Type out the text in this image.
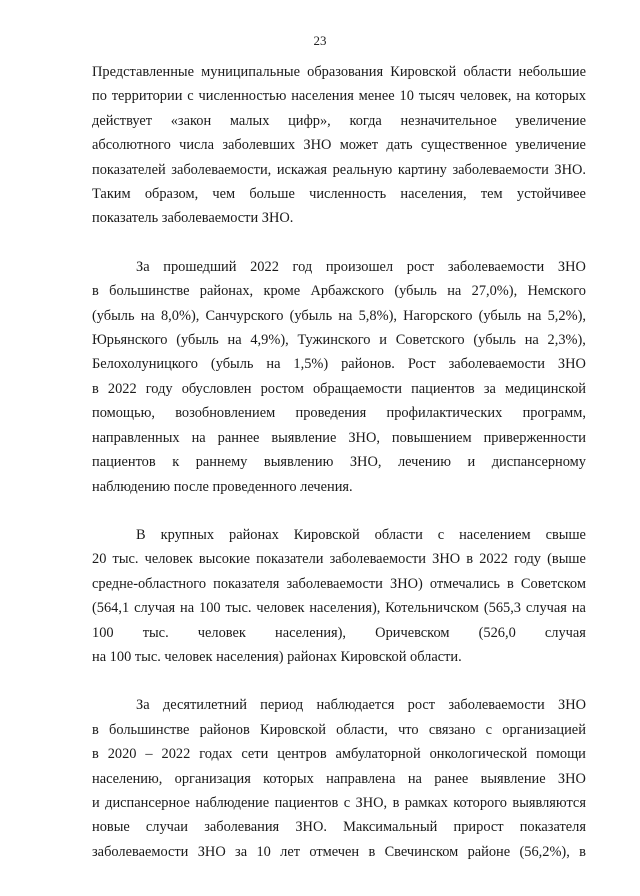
23

Представленные муниципальные образования Кировской области небольшие
по территории с численностью населения менее 10 тысяч человек, на которых
действует «закон малых цифр», когда незначительное увеличение
абсолютного числа заболевших ЗНО может дать существенное увеличение
показателей заболеваемости, искажая реальную картину заболеваемости ЗНО.
Таким образом, чем больше численность населения, тем устойчивее
показатель заболеваемости ЗНО.

За прошедший 2022 год произошел рост заболеваемости ЗНО
в большинстве районах, кроме Арбажского (убыль на 27,0%), Немского
(убыль на 8,0%), Санчурского (убыль на 5,8%), Нагорского (убыль на 5,2%),
Юрьянского (убыль на 4,9%), Тужинского и Советского (убыль на 2,3%),
Белохолуницкого (убыль на 1,5%) районов. Рост заболеваемости ЗНО
в 2022 году обусловлен ростом обращаемости пациентов за медицинской
помощью, возобновлением проведения профилактических программ,
направленных на раннее выявление ЗНО, повышением приверженности
пациентов к раннему выявлению ЗНО, лечению и диспансерному
наблюдению после проведенного лечения.

В крупных районах Кировской области с населением свыше
20 тыс. человек высокие показатели заболеваемости ЗНО в 2022 году (выше
средне-областного показателя заболеваемости ЗНО) отмечались в Советском
(564,1 случая на 100 тыс. человек населения), Котельничском (565,3 случая на
100 тыс. человек населения), Оричевском (526,0 случая
на 100 тыс. человек населения) районах Кировской области.

За десятилетний период наблюдается рост заболеваемости ЗНО
в большинстве районов Кировской области, что связано с организацией
в 2020 – 2022 годах сети центров амбулаторной онкологической помощи
населению, организация которых направлена на ранее выявление ЗНО
и диспансерное наблюдение пациентов с ЗНО, в рамках которого выявляются
новые случаи заболевания ЗНО. Максимальный прирост показателя
заболеваемости ЗНО за 10 лет отмечен в Свечинском районе (56,2%), в
